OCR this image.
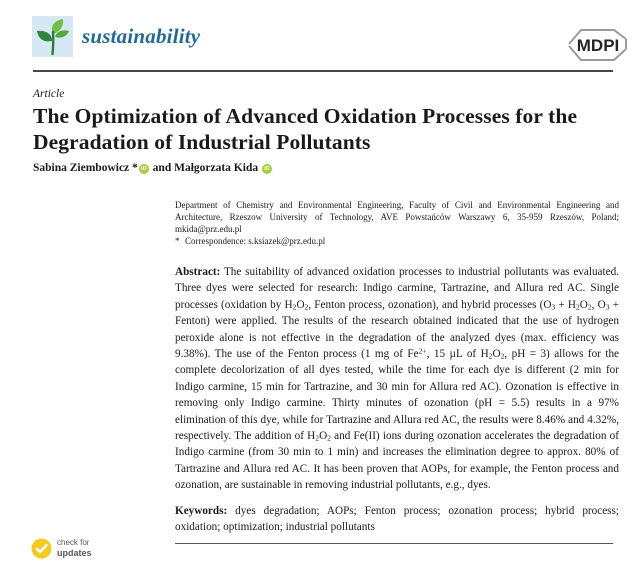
sustainability	MDPI
Article
The Optimization of Advanced Oxidation Processes for the Degradation of Industrial Pollutants
Sabina Ziembowicz * iD and Małgorzata Kida iD

Department of Chemistry and Environmental Engineering, Faculty of Civil and Environmental Engineering and Architecture, Rzeszow University of Technology, AVE Powstańców Warszawy 6, 35-959 Rzeszów, Poland; mkida@prz.edu.pl

* Correspondence: s.ksiazek@prz.edu.pl

Abstract: The suitability of advanced oxidation processes to industrial pollutants was evaluated. Three dyes were selected for research: Indigo carmine, Tartrazine, and Allura red AC. Single processes (oxidation by $H_2O_2$, Fenton process, ozonation), and hybrid processes ($O_3 + H_2O_2$, $O_3$ + Fenton) were applied. The results of the research obtained indicated that the use of hydrogen peroxide alone is not effective in the degradation of the analyzed dyes (max. efficiency was 9.38%). The use of the Fenton process (1 mg of $Fe^{2+}$, 15 µL of $H_2O_2$, pH = 3) allows for the complete decolorization of all dyes tested, while the time for each dye is different (2 min for Indigo carmine, 15 min for Tartrazine, and 30 min for Allura red AC). Ozonation is effective in removing only Indigo carmine. Thirty minutes of ozonation (pH = 5.5) results in a 97% elimination of this dye, while for Tartrazine and Allura red AC, the results were 8.46% and 4.32%, respectively. The addition of $H_2O_2$ and Fe(II) ions during ozonation accelerates the degradation of Indigo carmine (from 30 min to 1 min) and increases the elimination degree to approx. 80% of Tartrazine and Allura red AC. It has been proven that AOPs, for example, the Fenton process and ozonation, are sustainable in removing industrial pollutants, e.g., dyes.

Keywords: dyes degradation; AOPs; Fenton process; ozonation process; hybrid process; oxidation; optimization; industrial pollutants

check for
updates
